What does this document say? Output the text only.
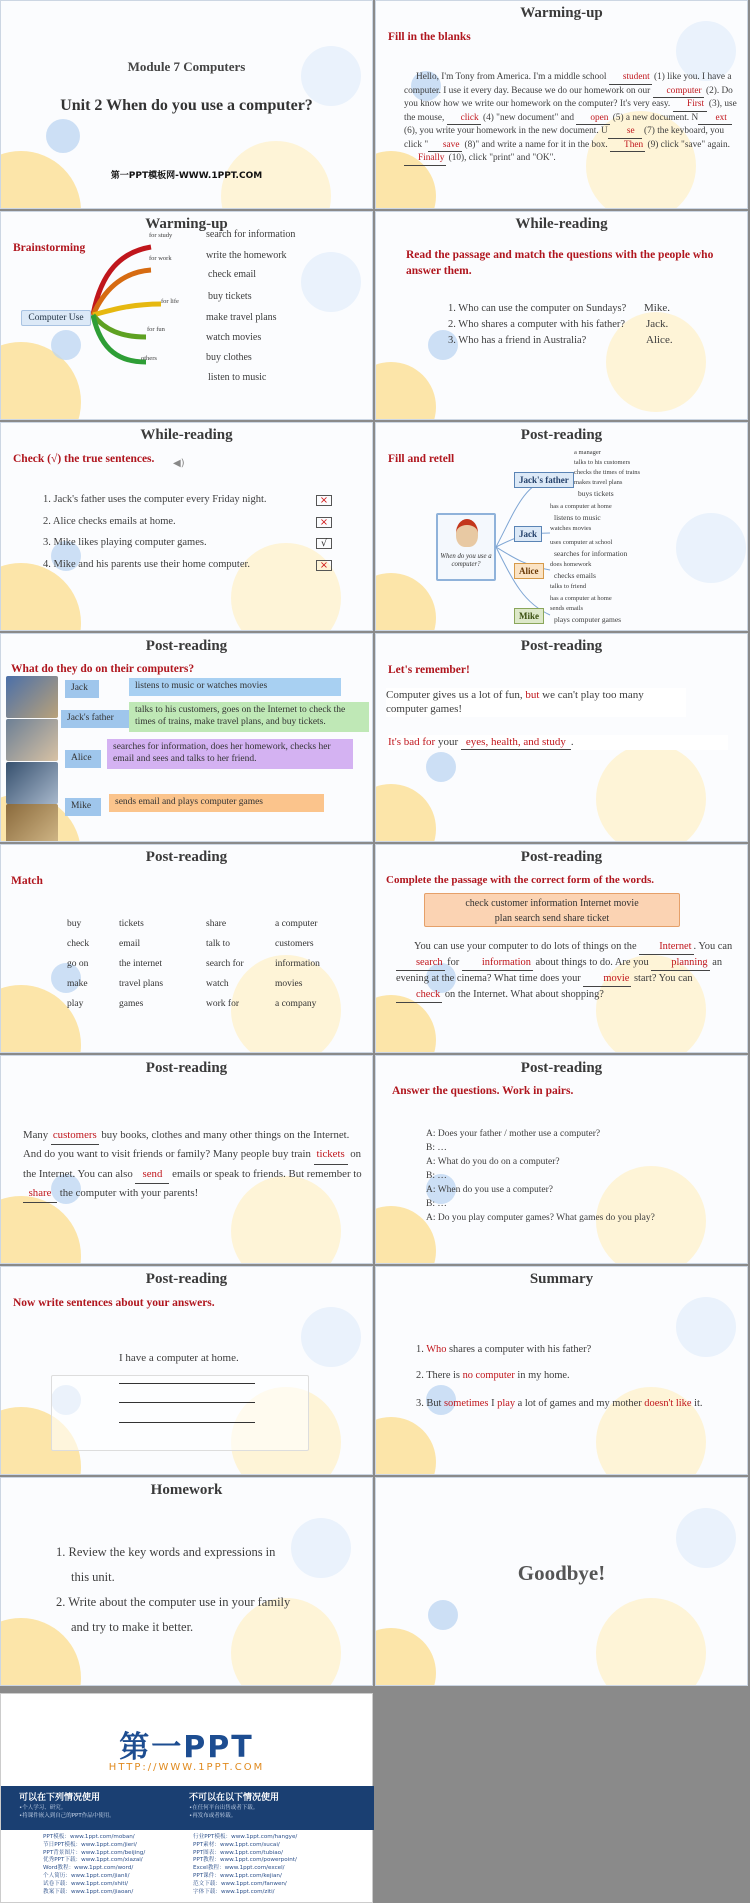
Module 7 Computers
Unit 2 When do you use a computer?
第一PPT模板网-WWW.1PPT.COM
Warming-up
Fill in the blanks
Hello, I'm Tony from America. I'm a middle school student (1) like you. I have a computer. I use it every day. Because we do our homework on our computer (2). Do you know how we write our homework on the computer? It's very easy. First (3), use the mouse, click (4) "new document" and open (5) a new document. N ext (6), you write your homework in the new document. U se (7) the keyboard, you click " save (8)" and write a name for it in the box. Then (9) click "save" again. Finally (10), click "print" and "OK".
Warming-up
Brainstorming
Computer Use
for study
for work
for life
for fun
others
search for information
write the homework
check email
buy tickets
make travel plans
watch movies
buy clothes
listen to music
While-reading
Read the passage and match the questions with the people who answer them.
1. Who can use the computer on Sundays?
2. Who shares a computer with his father?
3. Who has a friend in Australia?
Mike.
Jack.
Alice.
While-reading
Check (√) the true sentences. ◀)
1. Jack's father uses the computer every Friday night.
2. Alice checks emails at home.
3. Mike likes playing computer games.
4. Mike and his parents use their home computer.
×
×
√
×
Post-reading
Fill and retell
When do you use a computer?
Jack's father
Jack
Alice
Mike
a manager
talks to his customers
checks the times of trains
makes travel plans
buys tickets
has a computer at home
listens to music
watches movies
uses computer at school
searches for information
does homework
checks emails
talks to friend
has a computer at home
sends emails
plays computer games
Post-reading
What do they do on their computers?
Jack
Jack's father
Alice
Mike
listens to music or watches movies
talks to his customers, goes on the Internet to check the times of trains, make travel plans, and buy tickets.
searches for information, does her homework, checks her email and sees and talks to her friend.
sends email and plays computer games
Post-reading
Let's remember!
Computer gives us a lot of fun, but we can't play too many computer games!
It's bad for your eyes, health, and study .
Post-reading
Match
buy
check
go on
make
play
tickets
email
the internet
travel plans
games
share
talk to
search for
watch
work for
a computer
customers
information
movies
a company
Post-reading
Complete the passage with the correct form of the words.
check customer information Internet movie
plan search send share ticket
You can use your computer to do lots of things on the Internet . You can search for information about things to do. Are you planning an evening at the cinema? What time does your movie start? You can check on the Internet. What about shopping?
Post-reading
Many customers buy books, clothes and many other things on the Internet. And do you want to visit friends or family? Many people buy train tickets on the Internet. You can also send emails or speak to friends. But remember to share the computer with your parents!
Post-reading
Answer the questions. Work in pairs.
A: Does your father / mother use a computer?
B: …
A: What do you do on a computer?
B: …
A: When do you use a computer?
B: …
A: Do you play computer games? What games do you play?
Post-reading
Now write sentences about your answers.
I have a computer at home.
Summary
1. Who shares a computer with his father?
2. There is no computer in my home.
3. But sometimes I play a lot of games and my mother doesn't like it.
Homework
1. Review the key words and expressions in
this unit.
2. Write about the computer use in your family
and try to make it better.
Goodbye!
第一PPT
HTTP://WWW.1PPT.COM
可以在下列情况使用
•个人学习、研究。
•将课件嵌入到自己的PPT作品中使用。
不可以在以下情况使用
•在任何平台出售或者下载。
•再发布或者转载。
PPT模板：www.1ppt.com/moban/
节日PPT模板：www.1ppt.com/jieri/
PPT背景图片：www.1ppt.com/beijing/
优秀PPT下载：www.1ppt.com/xiazai/
Word教程：www.1ppt.com/word/
个人简历：www.1ppt.com/jianli/
试卷下载：www.1ppt.com/shiti/
教案下载：www.1ppt.com/jiaoan/
行业PPT模板：www.1ppt.com/hangye/
PPT素材：www.1ppt.com/sucai/
PPT图表：www.1ppt.com/tubiao/
PPT教程：www.1ppt.com/powerpoint/
Excel教程：www.1ppt.com/excel/
PPT课件：www.1ppt.com/kejian/
范文下载：www.1ppt.com/fanwen/
字体下载：www.1ppt.com/ziti/
